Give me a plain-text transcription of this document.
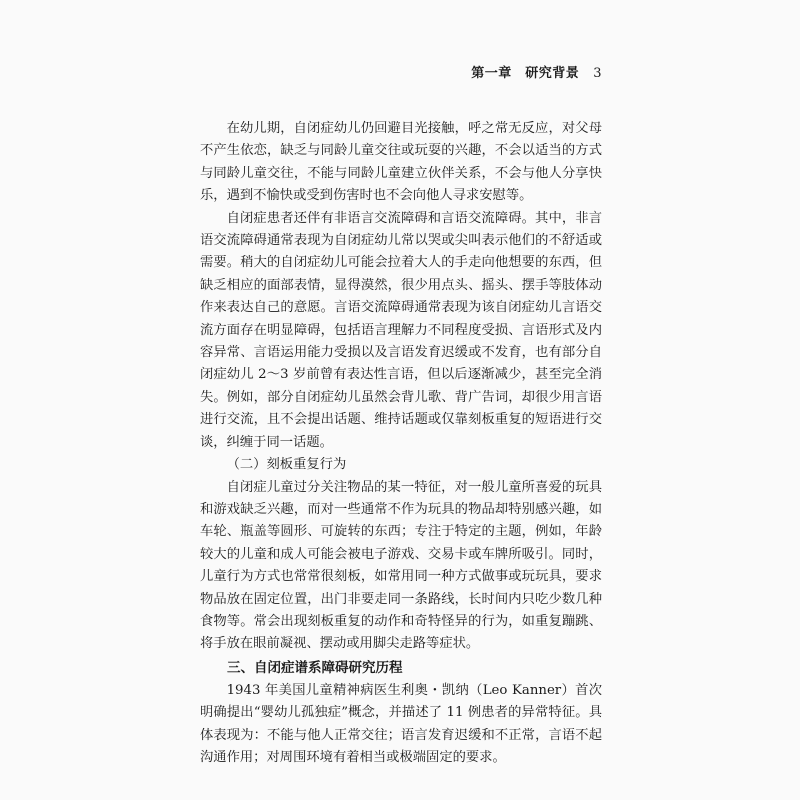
第一章　研究背景 3

在幼儿期，自闭症幼儿仍回避目光接触，呼之常无反应，对父母不产生依恋，缺乏与同龄儿童交往或玩耍的兴趣，不会以适当的方式与同龄儿童交往，不能与同龄儿童建立伙伴关系，不会与他人分享快乐，遇到不愉快或受到伤害时也不会向他人寻求安慰等。

自闭症患者还伴有非语言交流障碍和言语交流障碍。其中，非言语交流障碍通常表现为自闭症幼儿常以哭或尖叫表示他们的不舒适或需要。稍大的自闭症幼儿可能会拉着大人的手走向他想要的东西，但缺乏相应的面部表情，显得漠然，很少用点头、摇头、摆手等肢体动作来表达自己的意愿。言语交流障碍通常表现为该自闭症幼儿言语交流方面存在明显障碍，包括语言理解力不同程度受损、言语形式及内容异常、言语运用能力受损以及言语发育迟缓或不发育，也有部分自闭症幼儿 2～3 岁前曾有表达性言语，但以后逐渐减少，甚至完全消失。例如，部分自闭症幼儿虽然会背儿歌、背广告词，却很少用言语进行交流，且不会提出话题、维持话题或仅靠刻板重复的短语进行交谈，纠缠于同一话题。

（二）刻板重复行为

自闭症儿童过分关注物品的某一特征，对一般儿童所喜爱的玩具和游戏缺乏兴趣，而对一些通常不作为玩具的物品却特别感兴趣，如车轮、瓶盖等圆形、可旋转的东西；专注于特定的主题，例如，年龄较大的儿童和成人可能会被电子游戏、交易卡或车牌所吸引。同时，儿童行为方式也常常很刻板，如常用同一种方式做事或玩玩具，要求物品放在固定位置，出门非要走同一条路线，长时间内只吃少数几种食物等。常会出现刻板重复的动作和奇特怪异的行为，如重复蹦跳、将手放在眼前凝视、摆动或用脚尖走路等症状。

三、自闭症谱系障碍研究历程

1943 年美国儿童精神病医生利奥・凯纳（Leo Kanner）首次明确提出“婴幼儿孤独症”概念，并描述了 11 例患者的异常特征。具体表现为：不能与他人正常交往；语言发育迟缓和不正常，言语不起沟通作用；对周围环境有着相当或极端固定的要求。
